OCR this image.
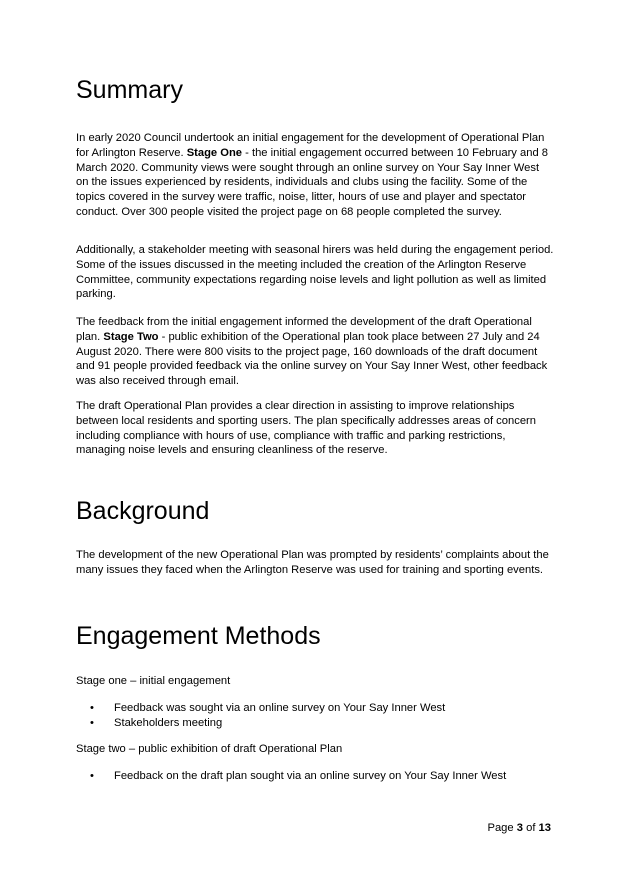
Summary

In early 2020 Council undertook an initial engagement for the development of Operational Plan for Arlington Reserve. Stage One - the initial engagement occurred between 10 February and 8 March 2020. Community views were sought through an online survey on Your Say Inner West on the issues experienced by residents, individuals and clubs using the facility. Some of the topics covered in the survey were traffic, noise, litter, hours of use and player and spectator conduct. Over 300 people visited the project page on 68 people completed the survey.

Additionally, a stakeholder meeting with seasonal hirers was held during the engagement period. Some of the issues discussed in the meeting included the creation of the Arlington Reserve Committee, community expectations regarding noise levels and light pollution as well as limited parking.

The feedback from the initial engagement informed the development of the draft Operational plan. Stage Two - public exhibition of the Operational plan took place between 27 July and 24 August 2020. There were 800 visits to the project page, 160 downloads of the draft document and 91 people provided feedback via the online survey on Your Say Inner West, other feedback was also received through email.

The draft Operational Plan provides a clear direction in assisting to improve relationships between local residents and sporting users. The plan specifically addresses areas of concern including compliance with hours of use, compliance with traffic and parking restrictions, managing noise levels and ensuring cleanliness of the reserve.

Background

The development of the new Operational Plan was prompted by residents’ complaints about the many issues they faced when the Arlington Reserve was used for training and sporting events.

Engagement Methods

Stage one – initial engagement

• Feedback was sought via an online survey on Your Say Inner West
• Stakeholders meeting

Stage two – public exhibition of draft Operational Plan

• Feedback on the draft plan sought via an online survey on Your Say Inner West
Page 3 of 13
